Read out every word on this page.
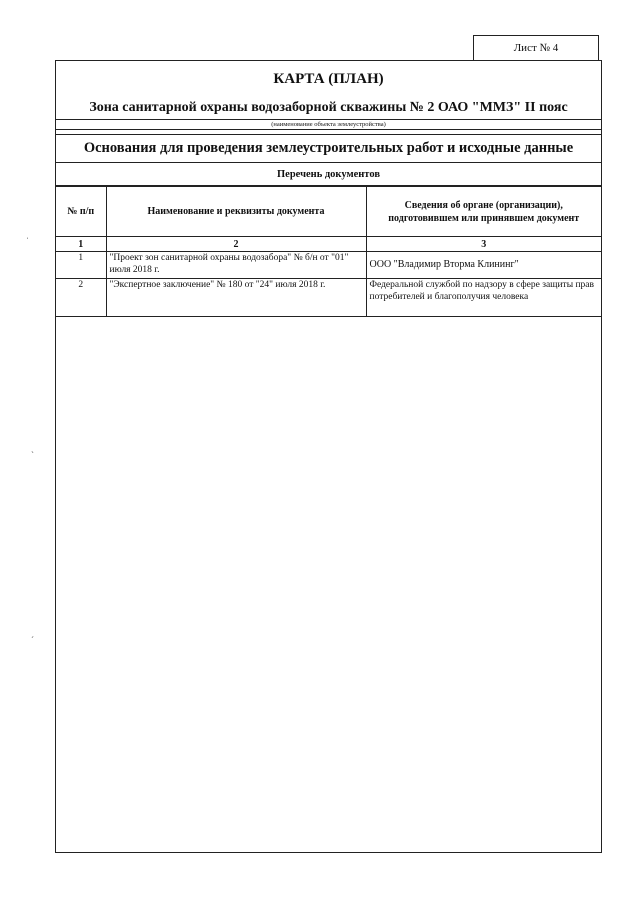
Лист № 4
КАРТА (ПЛАН)
Зона санитарной охраны водозаборной скважины № 2 ОАО "ММЗ" II пояс
(наименование объекта землеустройства)
Основания для проведения землеустроительных работ и исходные данные
Перечень документов
№ п/п	Наименование и реквизиты документа	Сведения об органе (организации), подготовившем или принявшем документ
1	2	3
1	"Проект зон санитарной охраны водозабора" № б/н от "01" июля 2018 г.	ООО "Владимир Вторма Клининг"
2	"Экспертное заключение" № 180 от "24" июля 2018 г.	Федеральной службой по надзору в сфере защиты прав потребителей и благополучия человека
ˈ
ˏ
ˊ
